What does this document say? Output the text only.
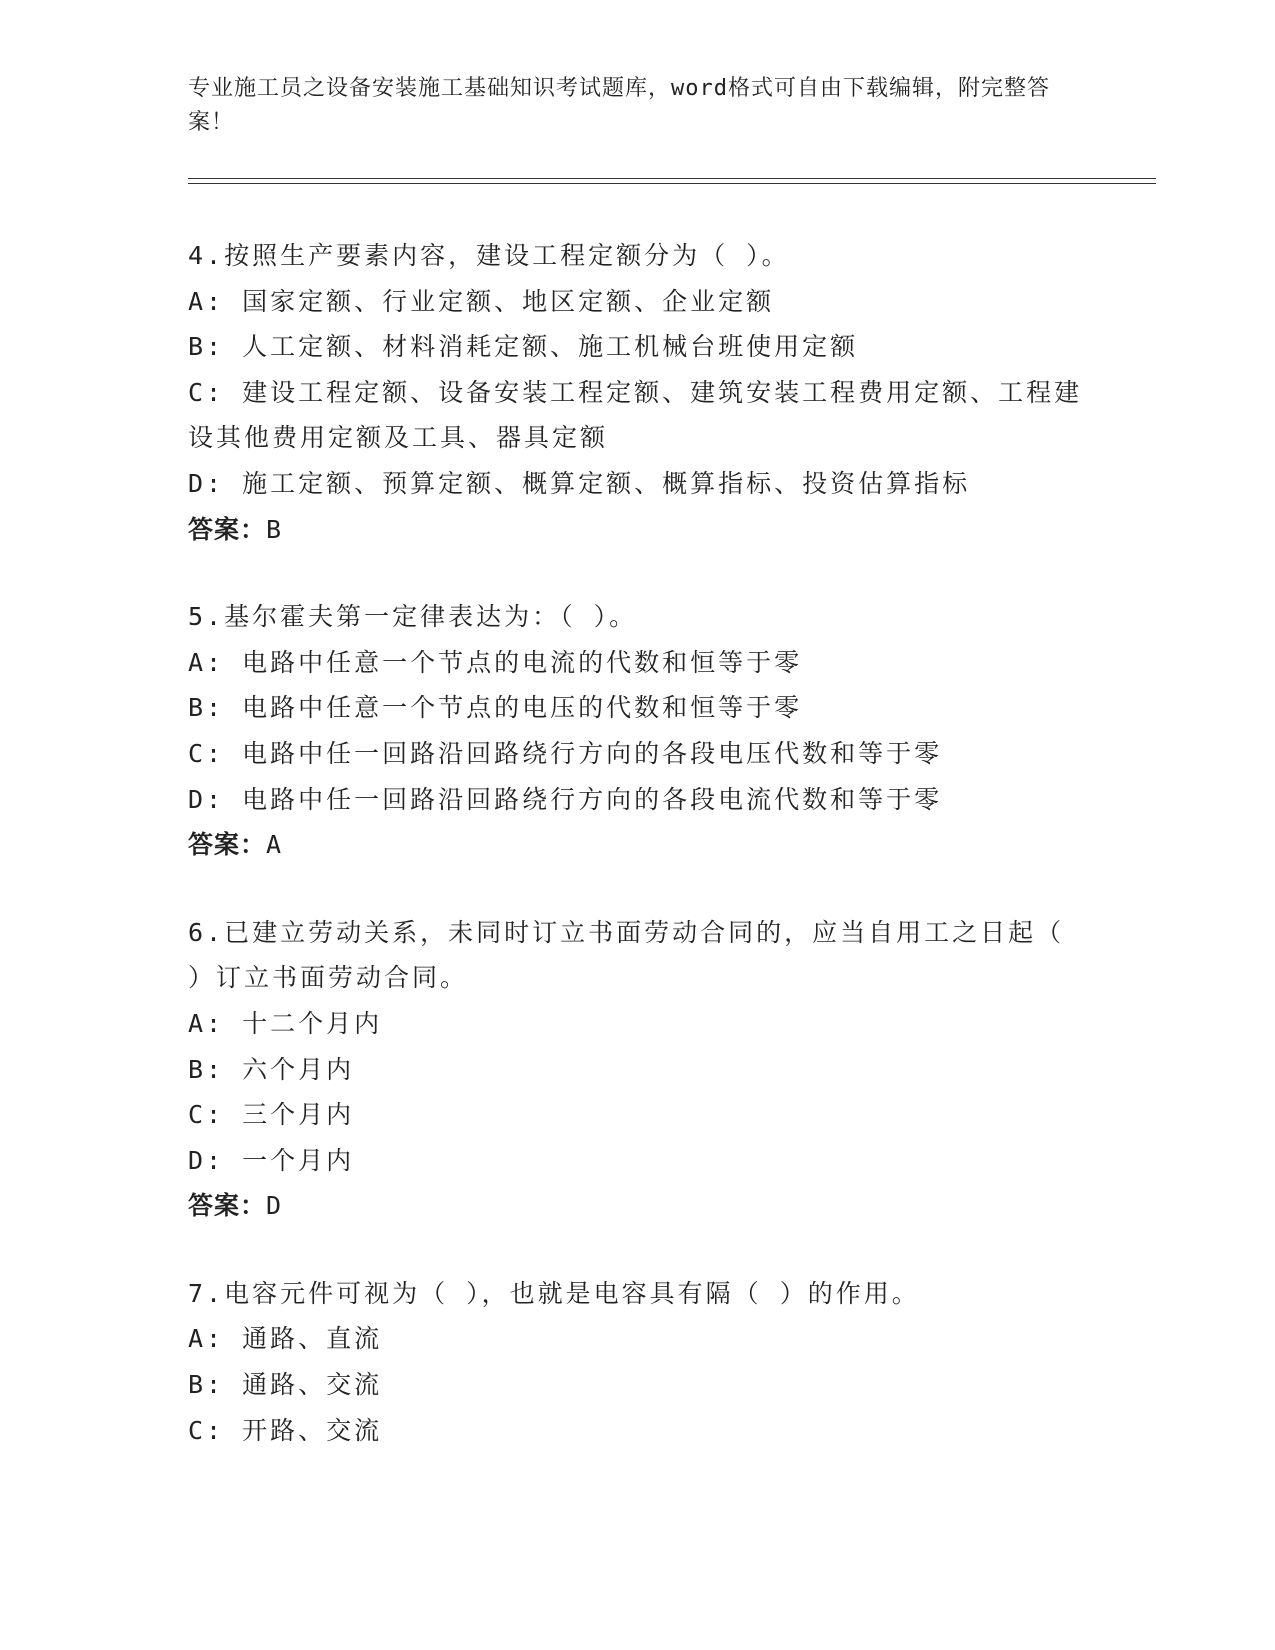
专业施工员之设备安装施工基础知识考试题库，word格式可自由下载编辑，附完整答案！
4.按照生产要素内容，建设工程定额分为（ ）。
A: 国家定额、行业定额、地区定额、企业定额
B: 人工定额、材料消耗定额、施工机械台班使用定额
C: 建设工程定额、设备安装工程定额、建筑安装工程费用定额、工程建设其他费用定额及工具、器具定额
D: 施工定额、预算定额、概算定额、概算指标、投资估算指标
答案：B
5.基尔霍夫第一定律表达为：（ ）。
A: 电路中任意一个节点的电流的代数和恒等于零
B: 电路中任意一个节点的电压的代数和恒等于零
C: 电路中任一回路沿回路绕行方向的各段电压代数和等于零
D: 电路中任一回路沿回路绕行方向的各段电流代数和等于零
答案：A
6.已建立劳动关系，未同时订立书面劳动合同的，应当自用工之日起（ ）订立书面劳动合同。
A: 十二个月内
B: 六个月内
C: 三个月内
D: 一个月内
答案：D
7.电容元件可视为（ ），也就是电容具有隔（ ）的作用。
A: 通路、直流
B: 通路、交流
C: 开路、交流
